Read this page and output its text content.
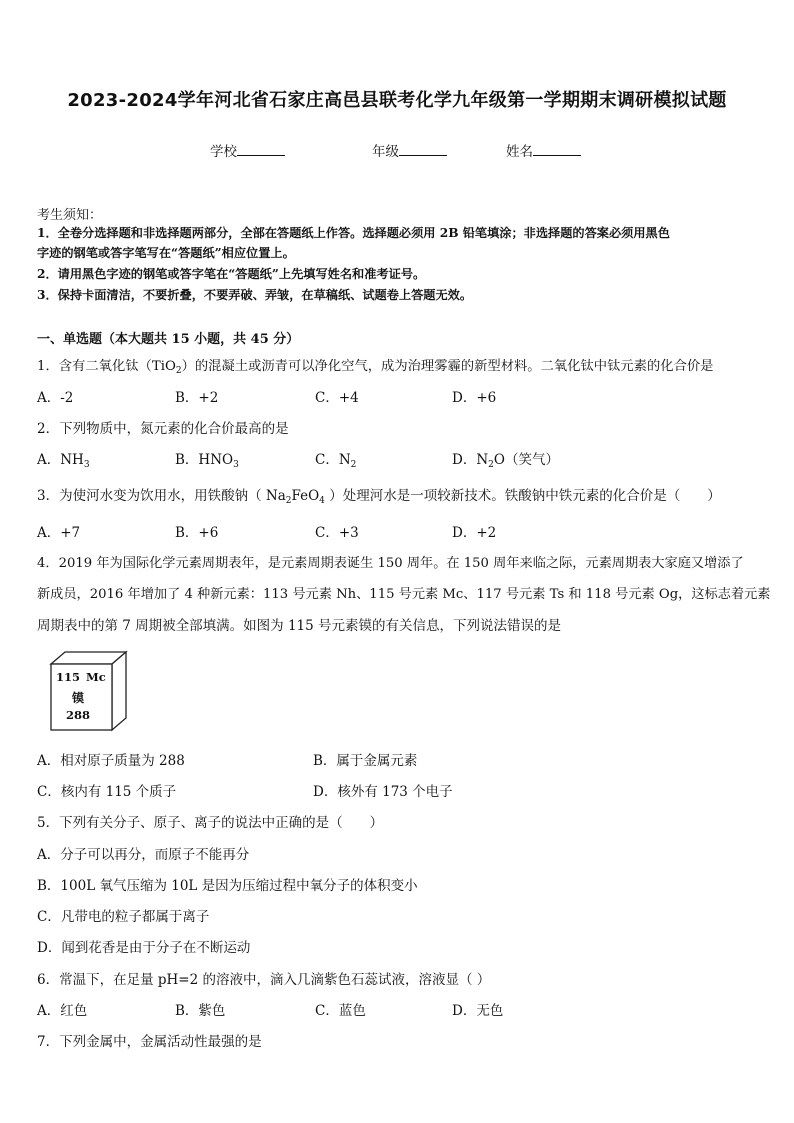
2023-2024学年河北省石家庄高邑县联考化学九年级第一学期期末调研模拟试题
学校	年级	姓名
考生须知：
1．全卷分选择题和非选择题两部分，全部在答题纸上作答。选择题必须用 2B 铅笔填涂；非选择题的答案必须用黑色
字迹的钢笔或答字笔写在“答题纸”相应位置上。
2．请用黑色字迹的钢笔或答字笔在“答题纸”上先填写姓名和准考证号。
3．保持卡面清洁，不要折叠，不要弄破、弄皱，在草稿纸、试题卷上答题无效。
一、单选题（本大题共 15 小题，共 45 分）
1．含有二氧化钛（TiO$_2$）的混凝土或沥青可以净化空气，成为治理雾霾的新型材料。二氧化钛中钛元素的化合价是
A．-2	B．+2	C．+4	D．+6
2．下列物质中，氮元素的化合价最高的是
A．$NH_3$	B．$HNO_3$	C．$N_2$	D．$N_2O$（笑气）
3．为使河水变为饮用水，用铁酸钠（ $Na_2FeO_4$ ）处理河水是一项较新技术。铁酸钠中铁元素的化合价是（　　）
A．+7	B．+6	C．+3	D．+2
4．2019 年为国际化学元素周期表年，是元素周期表诞生 150 周年。在 150 周年来临之际，元素周期表大家庭又增添了
新成员，2016 年增加了 4 种新元素：113 号元素 Nh、115 号元素 Mc、117 号元素 Ts 和 118 号元素 Og，这标志着元素
周期表中的第 7 周期被全部填满。如图为 115 号元素镆的有关信息，下列说法错误的是
115 Mc
镆
288
A．相对原子质量为 288	B．属于金属元素
C．核内有 115 个质子	D．核外有 173 个电子
5．下列有关分子、原子、离子的说法中正确的是（　　）
A．分子可以再分，而原子不能再分
B．100L 氧气压缩为 10L 是因为压缩过程中氧分子的体积变小
C．凡带电的粒子都属于离子
D．闻到花香是由于分子在不断运动
6．常温下，在足量 pH=2 的溶液中，滴入几滴紫色石蕊试液，溶液显（ ）
A．红色	B．紫色	C．蓝色	D．无色
7．下列金属中，金属活动性最强的是
